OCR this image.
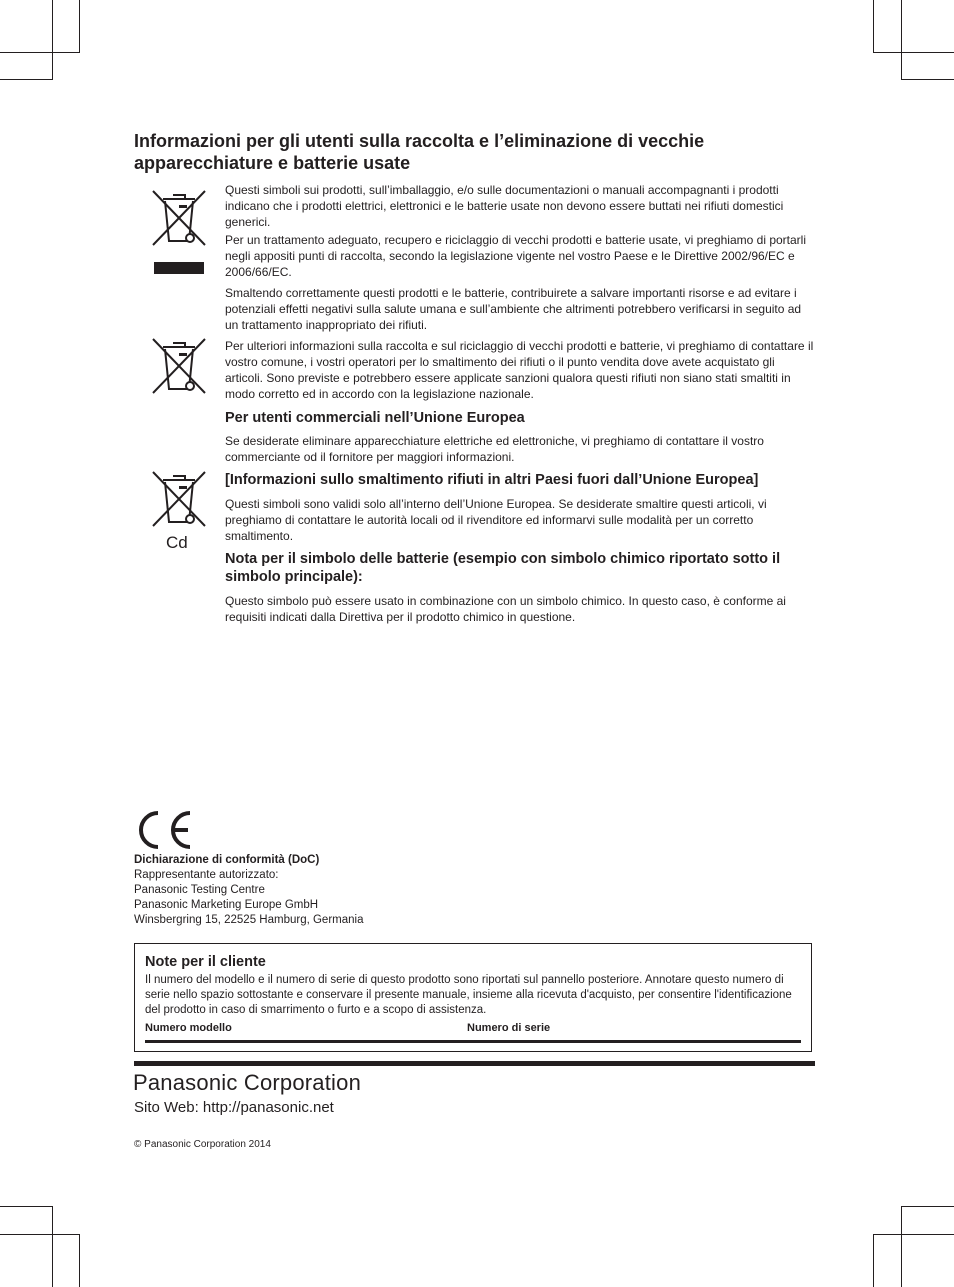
Informazioni per gli utenti sulla raccolta e l’eliminazione di vecchie apparecchiature e batterie usate
Cd

Questi simboli sui prodotti, sull’imballaggio, e/o sulle documentazioni o manuali accompagnanti i prodotti indicano che i prodotti elettrici, elettronici e le batterie usate non devono essere buttati nei rifiuti domestici generici.

Per un trattamento adeguato, recupero e riciclaggio di vecchi prodotti e batterie usate, vi preghiamo di portarli negli appositi punti di raccolta, secondo la legislazione vigente nel vostro Paese e le Direttive 2002/96/EC e 2006/66/EC.

Smaltendo correttamente questi prodotti e le batterie, contribuirete a salvare importanti risorse e ad evitare i potenziali effetti negativi sulla salute umana e sull’ambiente che altrimenti potrebbero verificarsi in seguito ad un trattamento inappropriato dei rifiuti.

Per ulteriori informazioni sulla raccolta e sul riciclaggio di vecchi prodotti e batterie, vi preghiamo di contattare il vostro comune, i vostri operatori per lo smaltimento dei rifiuti o il punto vendita dove avete acquistato gli articoli. Sono previste e potrebbero essere applicate sanzioni qualora questi rifiuti non siano stati smaltiti in modo corretto ed in accordo con la legislazione nazionale.

Per utenti commerciali nell’Unione Europea

Se desiderate eliminare apparecchiature elettriche ed elettroniche, vi preghiamo di contattare il vostro commerciante od il fornitore per maggiori informazioni.

[Informazioni sullo smaltimento rifiuti in altri Paesi fuori dall’Unione Europea]

Questi simboli sono validi solo all’interno dell’Unione Europea. Se desiderate smaltire questi articoli, vi preghiamo di contattare le autorità locali od il rivenditore ed informarvi sulle modalità per un corretto smaltimento.

Nota per il simbolo delle batterie (esempio con simbolo chimico riportato sotto il simbolo principale):

Questo simbolo può essere usato in combinazione con un simbolo chimico. In questo caso, è conforme ai requisiti indicati dalla Direttiva per il prodotto chimico in questione.

Dichiarazione di conformità (DoC)
Rappresentante autorizzato:
Panasonic Testing Centre
Panasonic Marketing Europe GmbH
Winsbergring 15, 22525 Hamburg, Germania
Note per il cliente
Il numero del modello e il numero di serie di questo prodotto sono riportati sul pannello posteriore. Annotare questo numero di serie nello spazio sottostante e conservare il presente manuale, insieme alla ricevuta d'acquisto, per consentire l'identificazione del prodotto in caso di smarrimento o furto e a scopo di assistenza.
Numero modello	Numero di serie
Panasonic Corporation
Sito Web: http://panasonic.net
© Panasonic Corporation 2014
